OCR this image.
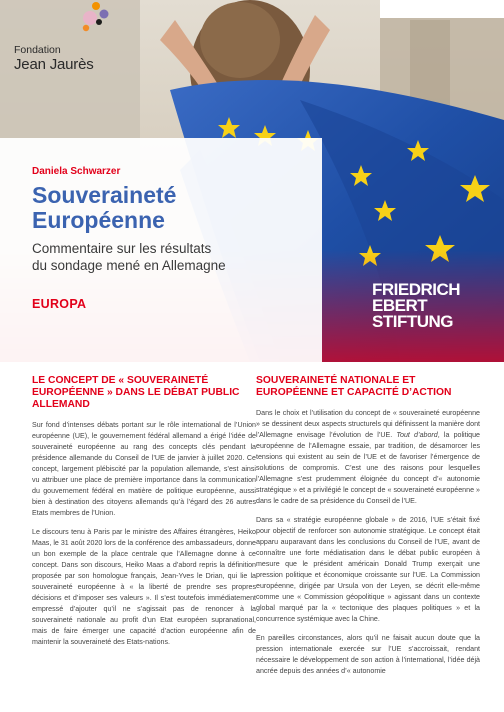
Fondation
Jean Jaurès
Daniela Schwarzer
Souveraineté
Européenne
Commentaire sur les résultats
du sondage mené en Allemagne
EUROPA
FRIEDRICH
EBERT
STIFTUNG
LE CONCEPT DE « SOUVERAINETÉ EUROPÉENNE » DANS LE DÉBAT PUBLIC ALLEMAND

Sur fond d’intenses débats portant sur le rôle international de l’Union européenne (UE), le gouvernement fédéral allemand a érigé l’idée de souveraineté européenne au rang des concepts clés pendant la présidence allemande du Conseil de l’UE de janvier à juillet 2020. Ce concept, largement plébiscité par la population allemande, s’est ainsi vu attribuer une place de première importance dans la communication du gouvernement fédéral en matière de politique européenne, aussi bien à destination des citoyens allemands qu’à l’égard des 26 autres Etats membres de l’Union.

Le discours tenu à Paris par le ministre des Affaires étrangères, Heiko Maas, le 31 août 2020 lors de la conférence des ambassadeurs, donne un bon exemple de la place centrale que l’Allemagne donne à ce concept. Dans son discours, Heiko Maas a d’abord repris la définition proposée par son homologue français, Jean-Yves le Drian, qui lie la souveraineté européenne à « la liberté de prendre ses propres décisions et d’imposer ses valeurs ». Il s’est toutefois immédiatement empressé d’ajouter qu’il ne s’agissait pas de renoncer à la souveraineté nationale au profit d’un Etat européen supranational, mais de faire émerger une capacité d’action européenne afin de maintenir la souveraineté des Etats-nations.

SOUVERAINETÉ NATIONALE ET EUROPÉENNE ET CAPACITÉ D’ACTION

Dans le choix et l’utilisation du concept de « souveraineté européenne » se dessinent deux aspects structurels qui définissent la manière dont l’Allemagne envisage l’évolution de l’UE. Tout d’abord, la politique européenne de l’Allemagne essaie, par tradition, de désamorcer les tensions qui existent au sein de l’UE et de favoriser l’émergence de solutions de compromis. C’est une des raisons pour lesquelles l’Allemagne s’est prudemment éloignée du concept d’« autonomie stratégique » et a privilégié le concept de « souveraineté européenne » dans le cadre de sa présidence du Conseil de l’UE.

Dans sa « stratégie européenne globale » de 2016, l’UE s’était fixé pour objectif de renforcer son autonomie stratégique. Le concept était apparu auparavant dans les conclusions du Conseil de l’UE, avant de connaître une forte médiatisation dans le débat public européen à mesure que le président américain Donald Trump exerçait une pression politique et économique croissante sur l’UE. La Commission européenne, dirigée par Ursula von der Leyen, se décrit elle-même comme une « Commission géopolitique » agissant dans un contexte global marqué par la « tectonique des plaques politiques » et la concurrence systémique avec la Chine.

En pareilles circonstances, alors qu’il ne faisait aucun doute que la pression internationale exercée sur l’UE s’accroissait, rendant nécessaire le développement de son action à l’international, l’idée déjà ancrée depuis des années d’« autonomie
